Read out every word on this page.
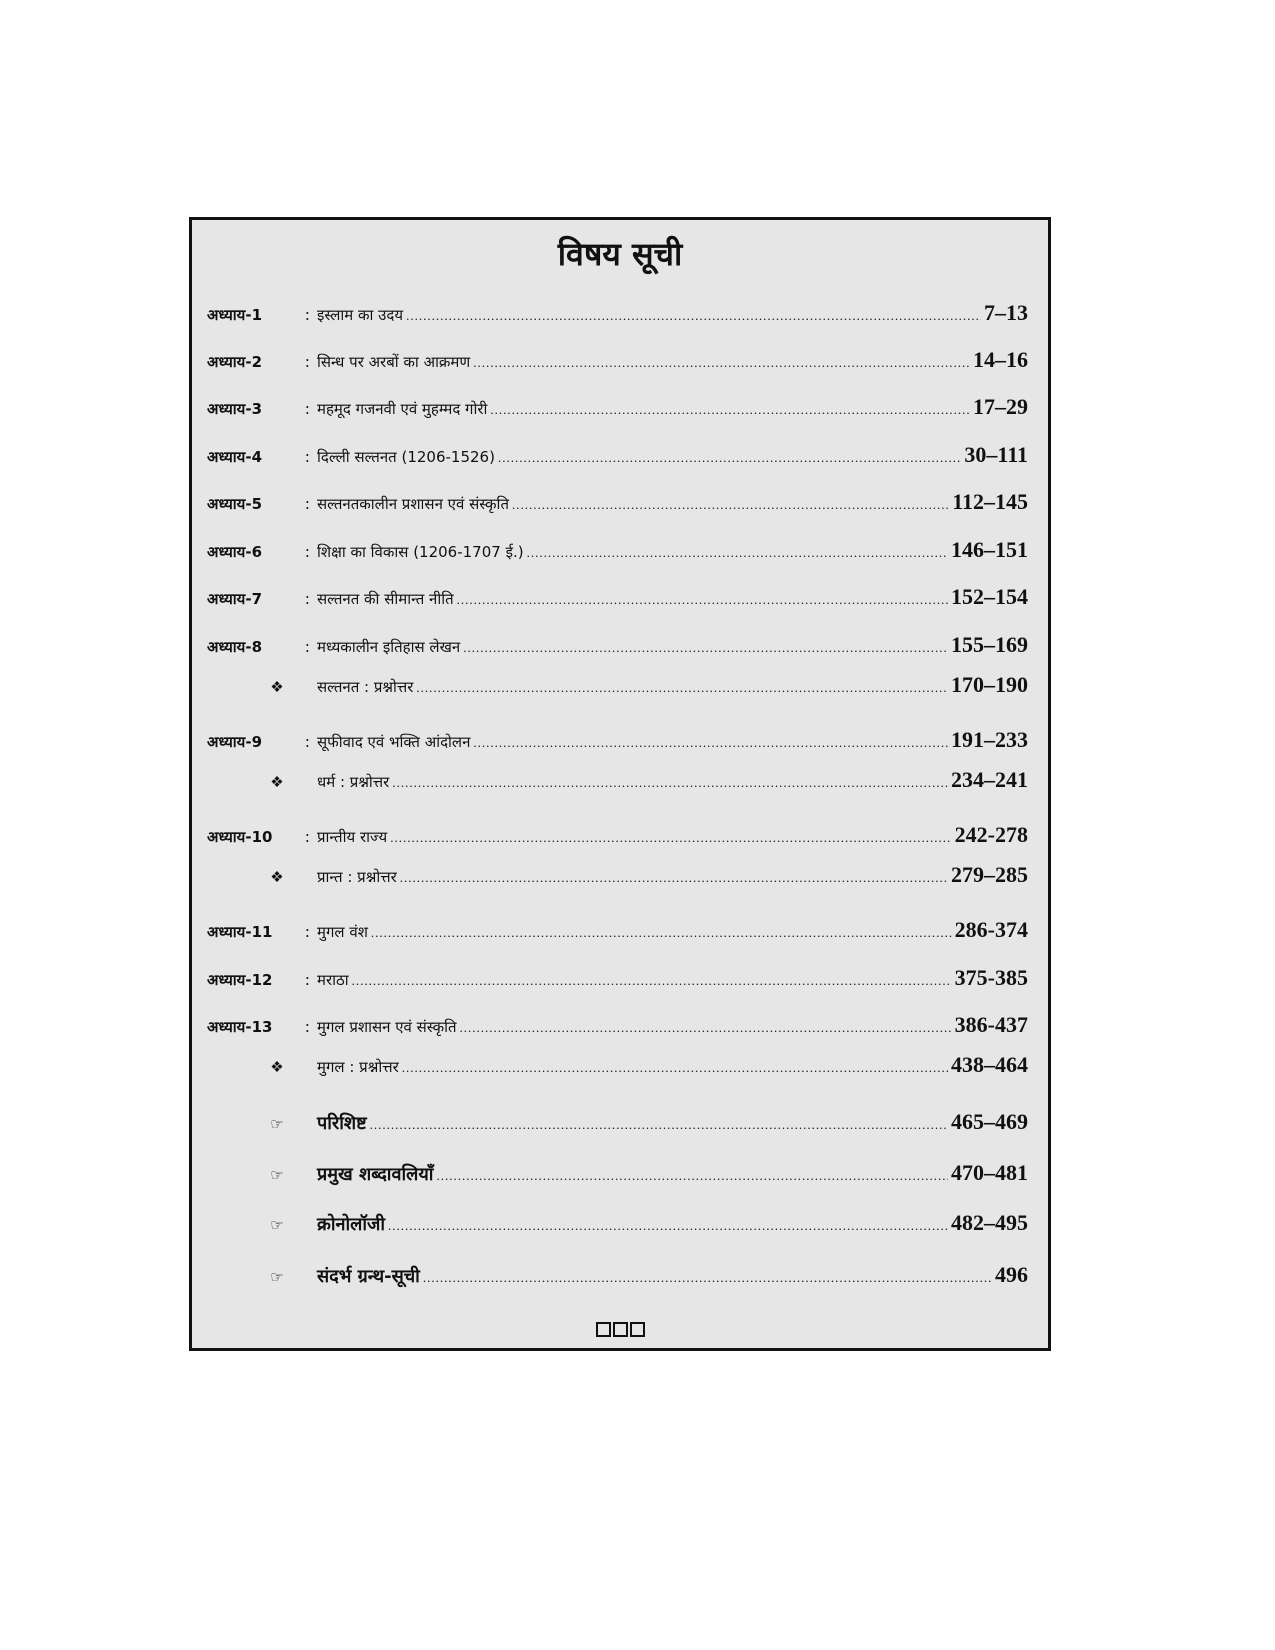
विषय सूची
अध्याय-1	: इस्लाम का उदय .....	7–13
अध्याय-2	: सिन्ध पर अरबों का आक्रमण .....	14–16
अध्याय-3	: महमूद गजनवी एवं मुहम्मद गोरी .....	17–29
अध्याय-4	: दिल्ली सल्तनत (1206-1526) .....	30–111
अध्याय-5	: सल्तनतकालीन प्रशासन एवं संस्कृति .....	112–145
अध्याय-6	: शिक्षा का विकास (1206-1707 ई.) .....	146–151
अध्याय-7	: सल्तनत की सीमान्त नीति .....	152–154
अध्याय-8	: मध्यकालीन इतिहास लेखन .....	155–169
❖	सल्तनत : प्रश्नोत्तर .....	170–190
अध्याय-9	: सूफीवाद एवं भक्ति आंदोलन .....	191–233
❖	धर्म : प्रश्नोत्तर .....	234–241
अध्याय-10	: प्रान्तीय राज्य .....	242-278
❖	प्रान्त : प्रश्नोत्तर .....	279–285
अध्याय-11	: मुगल वंश .....	286-374
अध्याय-12	: मराठा .....	375-385
अध्याय-13	: मुगल प्रशासन एवं संस्कृति .....	386-437
❖	मुगल : प्रश्नोत्तर .....	438–464
☞	परिशिष्ट .....	465–469
☞	प्रमुख शब्दावलियाँ .....	470–481
☞	क्रोनोलॉजी .....	482–495
☞	संदर्भ ग्रन्थ-सूची .....	496
